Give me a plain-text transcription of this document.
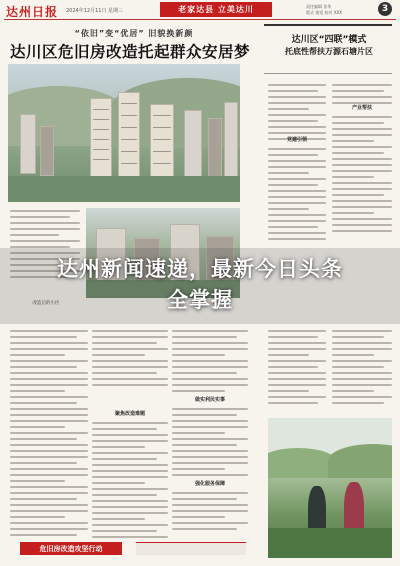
达州日报 2024年12月11日 星期三	老家达县 立美达川	责任编辑 张华
版式 视觉 校对 XXX	3
“依旧”变“优居” 旧貌换新颜
达川区危旧房改造托起群众安居梦
改造后的小区
聚焦改造难题
做实利民实事
强化服务保障
危旧房改造攻坚行动
达川区“四联”模式
托底性帮扶万源石塘片区
党建引领
产业帮扶
达州新闻速递，最新今日头条
全掌握
